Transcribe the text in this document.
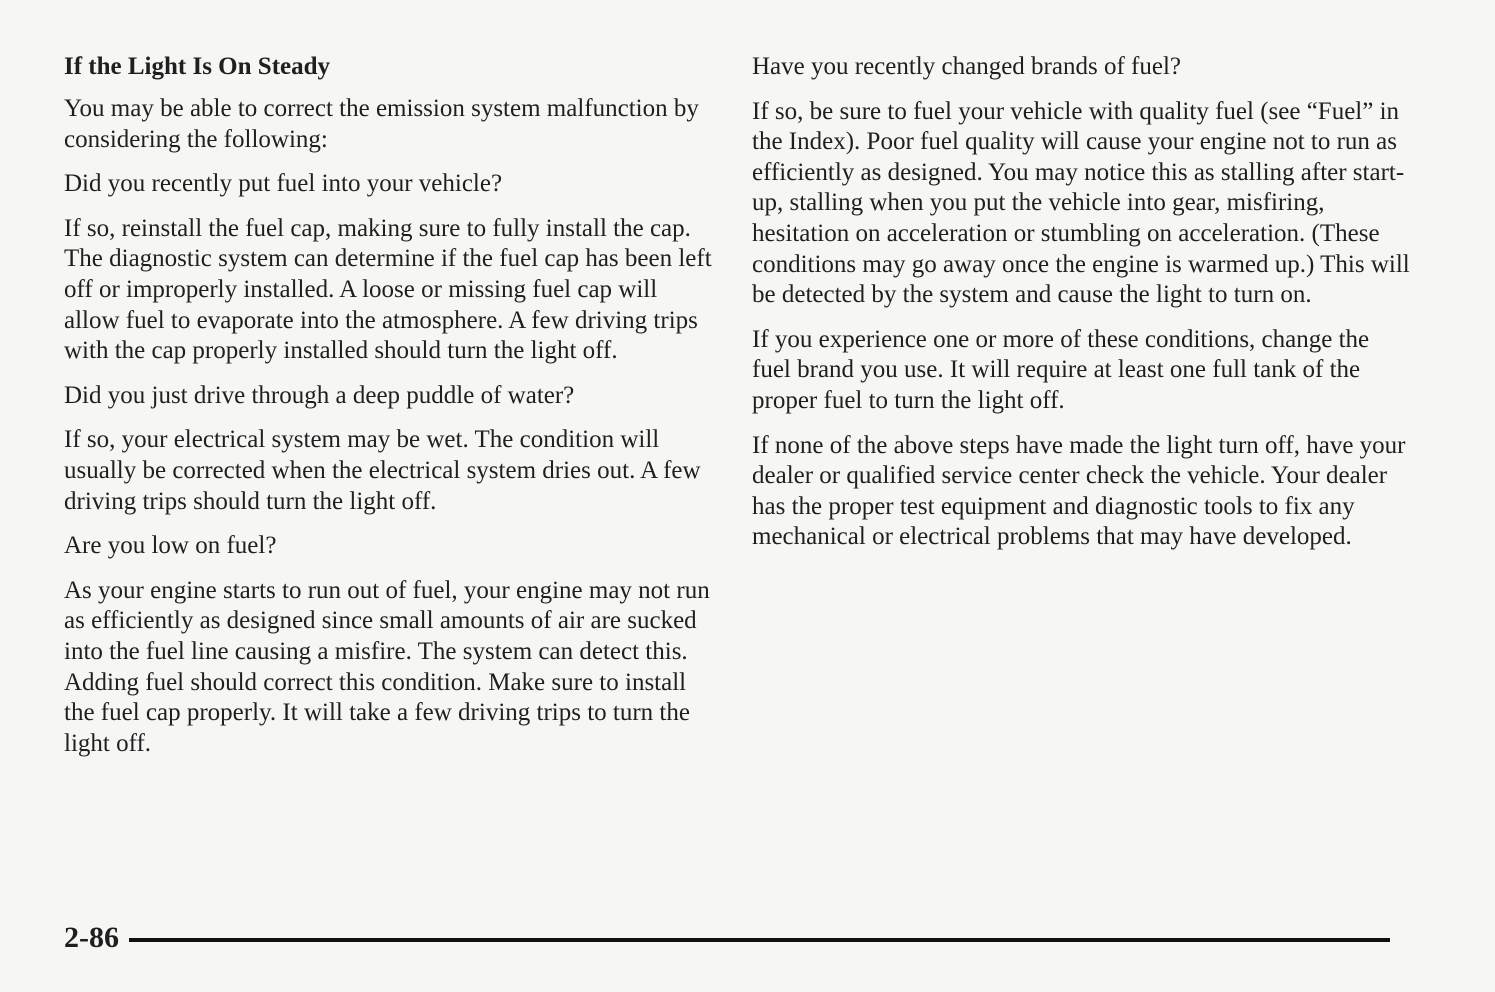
If the Light Is On Steady

You may be able to correct the emission system malfunction by considering the following:

Did you recently put fuel into your vehicle?

If so, reinstall the fuel cap, making sure to fully install the cap. The diagnostic system can determine if the fuel cap has been left off or improperly installed. A loose or missing fuel cap will allow fuel to evaporate into the atmosphere. A few driving trips with the cap properly installed should turn the light off.

Did you just drive through a deep puddle of water?

If so, your electrical system may be wet. The condition will usually be corrected when the electrical system dries out. A few driving trips should turn the light off.

Are you low on fuel?

As your engine starts to run out of fuel, your engine may not run as efficiently as designed since small amounts of air are sucked into the fuel line causing a misfire. The system can detect this. Adding fuel should correct this condition. Make sure to install the fuel cap properly. It will take a few driving trips to turn the light off.

Have you recently changed brands of fuel?

If so, be sure to fuel your vehicle with quality fuel (see “Fuel” in the Index). Poor fuel quality will cause your engine not to run as efficiently as designed. You may notice this as stalling after start-up, stalling when you put the vehicle into gear, misfiring, hesitation on acceleration or stumbling on acceleration. (These conditions may go away once the engine is warmed up.) This will be detected by the system and cause the light to turn on.

If you experience one or more of these conditions, change the fuel brand you use. It will require at least one full tank of the proper fuel to turn the light off.

If none of the above steps have made the light turn off, have your dealer or qualified service center check the vehicle. Your dealer has the proper test equipment and diagnostic tools to fix any mechanical or electrical problems that may have developed.

2-86
